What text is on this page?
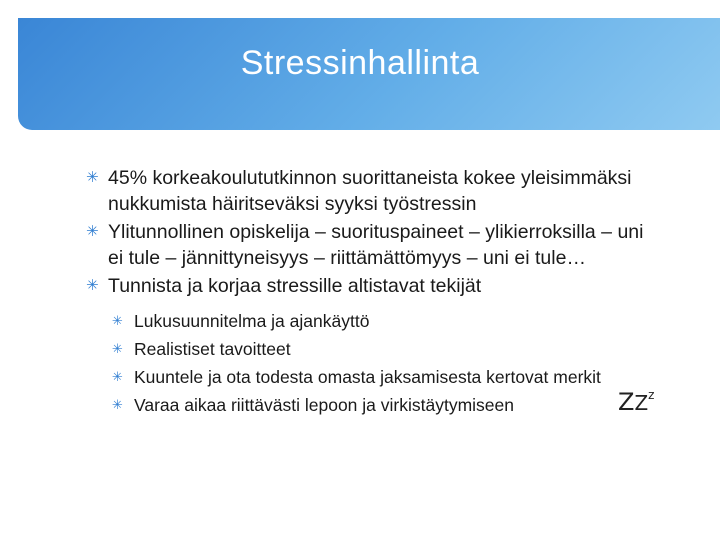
Stressinhallinta
✳ 45% korkeakoulututkinnon suorittaneista kokee yleisimmäksi nukkumista häiritseväksi syyksi työstressin
✳ Ylitunnollinen opiskelija – suorituspaineet – ylikierroksilla – uni ei tule – jännittyneisyys – riittämättömyys – uni ei tule…
✳ Tunnista ja korjaa stressille altistavat tekijät
✳ Lukusuunnitelma ja ajankäyttö
✳ Realistiset tavoitteet
✳ Kuuntele ja ota todesta omasta jaksamisesta kertovat merkit
✳ Varaa aikaa riittävästi lepoon ja virkistäytymiseen	$ZZ^z$
